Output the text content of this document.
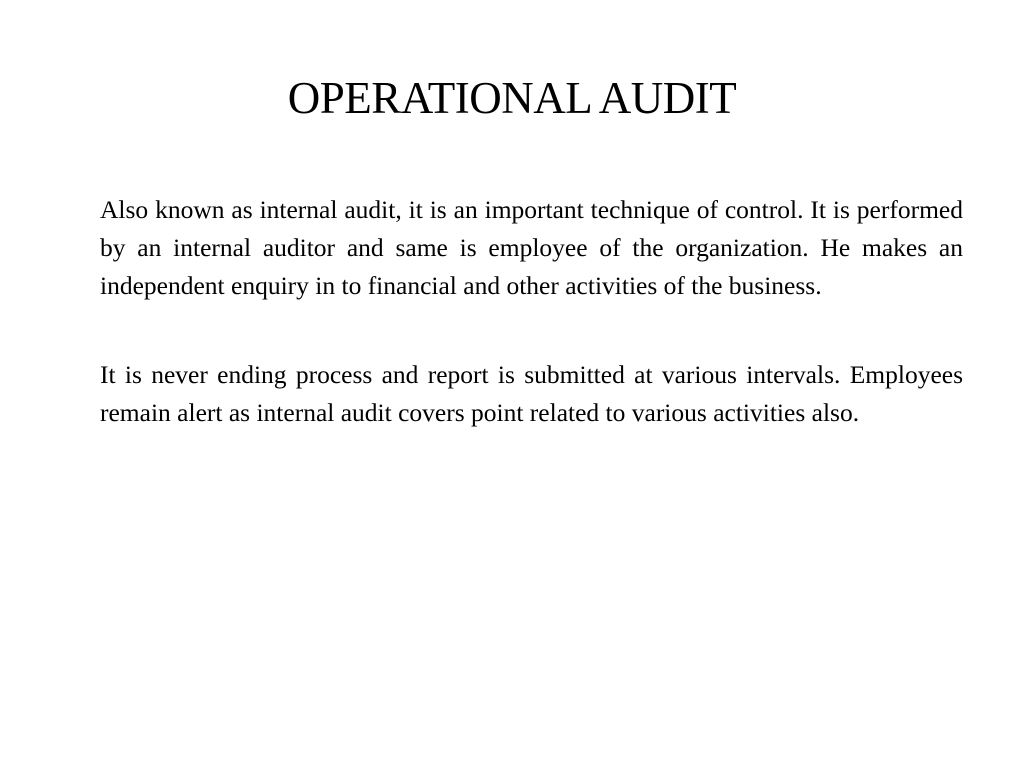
OPERATIONAL AUDIT

Also known as internal audit, it is an important technique of control. It is performed by an internal auditor and same is employee of the organization. He makes an independent enquiry in to financial and other activities of the business.

It is never ending process and report is submitted at various intervals. Employees remain alert as internal audit covers point related to various activities also.
